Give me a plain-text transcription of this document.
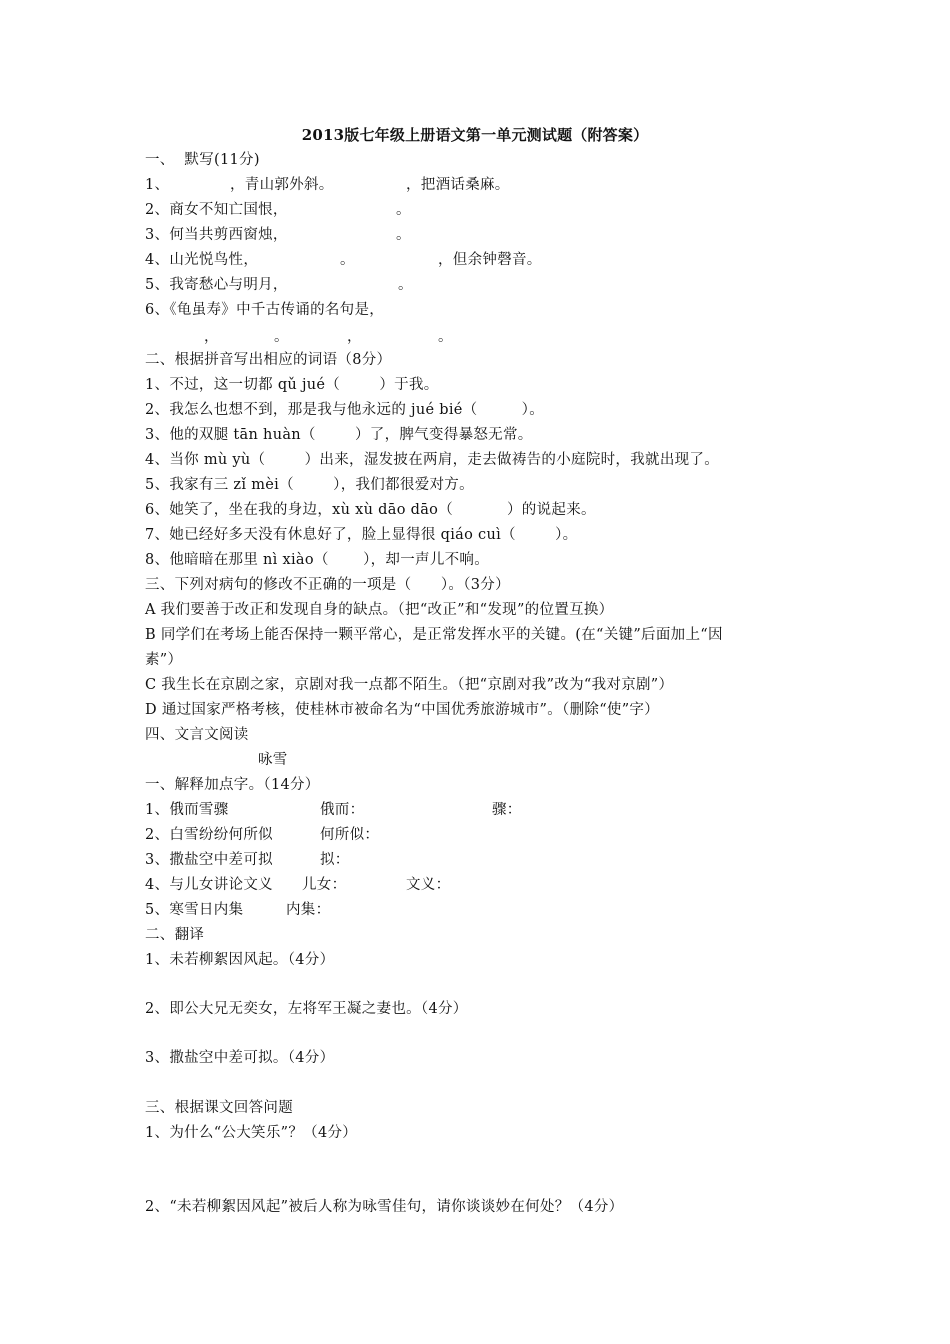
2013版七年级上册语文第一单元测试题（附答案）
一、  默写(11分)
1、	，青山郭外斜。	，把酒话桑麻。
2、商女不知亡国恨，	。
3、何当共剪西窗烛，	。
4、山光悦鸟性，	。	，但余钟磬音。
5、我寄愁心与明月，	。
6、《龟虽寿》中千古传诵的名句是，
，	。	，	。
二、根据拼音写出相应的词语（8分）
1、不过，这一切都 qǔ jué（        ）于我。
2、我怎么也想不到，那是我与他永远的 jué bié（         ）。
3、他的双腿 tān huàn（        ）了，脾气变得暴怒无常。
4、当你 mù yù（        ）出来，湿发披在两肩，走去做祷告的小庭院时，我就出现了。
5、我家有三 zǐ mèi（        ），我们都很爱对方。
6、她笑了，坐在我的身边，xù xù dāo dāo（           ）的说起来。
7、她已经好多天没有休息好了，脸上显得很 qiáo cuì（        ）。
8、他暗暗在那里 nì xiào（       ），却一声儿不响。
三、下列对病句的修改不正确的一项是（      ）。（3分）
A 我们要善于改正和发现自身的缺点。（把“改正”和“发现”的位置互换）
B 同学们在考场上能否保持一颗平常心，是正常发挥水平的关键。(在“关键”后面加上“因
素”）
C 我生长在京剧之家，京剧对我一点都不陌生。（把“京剧对我”改为“我对京剧”）
D 通过国家严格考核，使桂林市被命名为“中国优秀旅游城市”。（删除“使”字）
四、文言文阅读
咏雪
一、解释加点字。（14分）
1、俄而雪骤	俄而：	骤：
2、白雪纷纷何所似	何所似：
3、撒盐空中差可拟	拟：
4、与儿女讲论文义 儿女：	文义：
5、寒雪日内集	内集：
二、翻译
1、未若柳絮因风起。（4分）
2、即公大兄无奕女，左将军王凝之妻也。（4分）
3、撒盐空中差可拟。（4分）
三、根据课文回答问题
1、为什么“公大笑乐”？（4分）
2、“未若柳絮因风起”被后人称为咏雪佳句，请你谈谈妙在何处？（4分）
